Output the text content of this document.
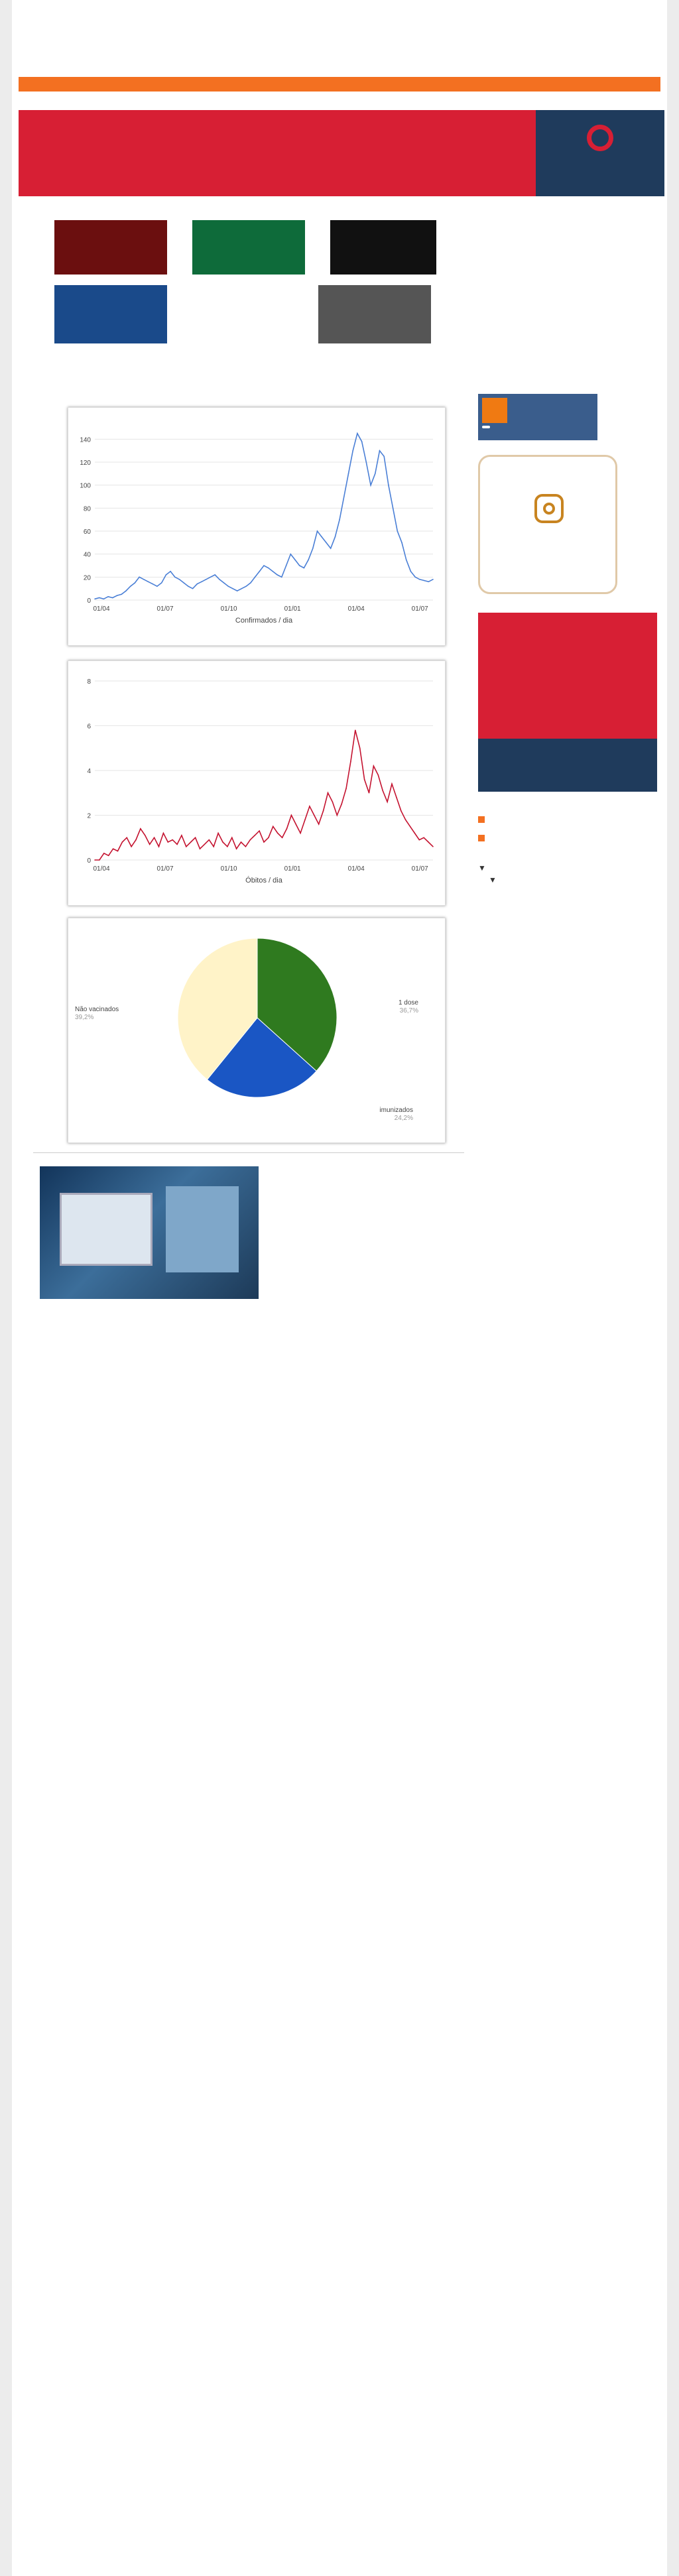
0
20
40
60
80
100
120
140
01/04	01/07	01/10	01/01	01/04	01/07
Confirmados / dia
0
2
4
6
8
01/04	01/07	01/10	01/01	01/04	01/07
Óbitos / dia
1 dose
36,7%
imunizados
24,2%
Não vacinados
39,2%

▼
▼
